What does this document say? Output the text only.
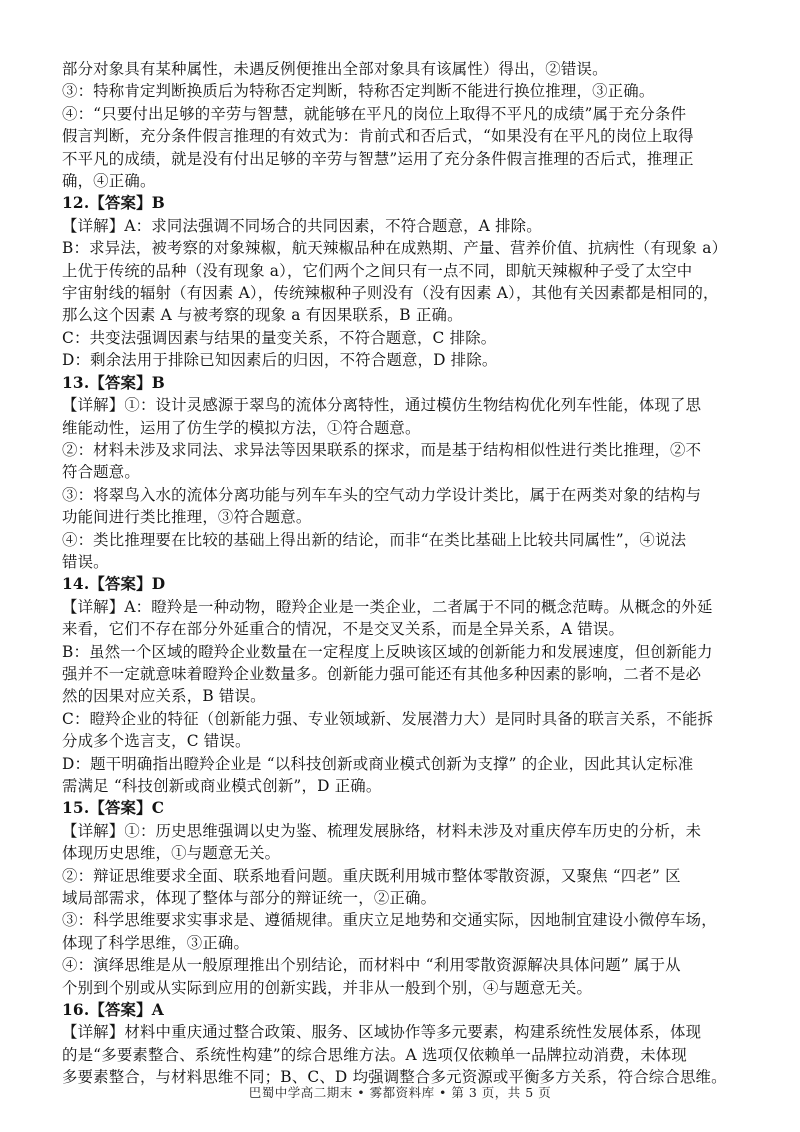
部分对象具有某种属性，未遇反例便推出全部对象具有该属性）得出，②错误。
③：特称肯定判断换质后为特称否定判断，特称否定判断不能进行换位推理，③正确。
④：“只要付出足够的辛劳与智慧，就能够在平凡的岗位上取得不平凡的成绩”属于充分条件
假言判断，充分条件假言推理的有效式为：肯前式和否后式，“如果没有在平凡的岗位上取得
不平凡的成绩，就是没有付出足够的辛劳与智慧”运用了充分条件假言推理的否后式，推理正
确，④正确。
12.【答案】B
【详解】A：求同法强调不同场合的共同因素，不符合题意，A 排除。
B：求异法，被考察的对象辣椒，航天辣椒品种在成熟期、产量、营养价值、抗病性（有现象 a）
上优于传统的品种（没有现象 a），它们两个之间只有一点不同，即航天辣椒种子受了太空中
宇宙射线的辐射（有因素 A），传统辣椒种子则没有（没有因素 A），其他有关因素都是相同的，
那么这个因素 A 与被考察的现象 a 有因果联系，B 正确。
C：共变法强调因素与结果的量变关系，不符合题意，C 排除。
D：剩余法用于排除已知因素后的归因，不符合题意，D 排除。
13.【答案】B
【详解】①：设计灵感源于翠鸟的流体分离特性，通过模仿生物结构优化列车性能，体现了思
维能动性，运用了仿生学的模拟方法，①符合题意。
②：材料未涉及求同法、求异法等因果联系的探求，而是基于结构相似性进行类比推理，②不
符合题意。
③：将翠鸟入水的流体分离功能与列车车头的空气动力学设计类比，属于在两类对象的结构与
功能间进行类比推理，③符合题意。
④：类比推理要在比较的基础上得出新的结论，而非“在类比基础上比较共同属性”，④说法
错误。
14.【答案】D
【详解】A：瞪羚是一种动物，瞪羚企业是一类企业，二者属于不同的概念范畴。从概念的外延
来看，它们不存在部分外延重合的情况，不是交叉关系，而是全异关系，A 错误。
B：虽然一个区域的瞪羚企业数量在一定程度上反映该区域的创新能力和发展速度，但创新能力
强并不一定就意味着瞪羚企业数量多。创新能力强可能还有其他多种因素的影响，二者不是必
然的因果对应关系，B 错误。
C：瞪羚企业的特征（创新能力强、专业领域新、发展潜力大）是同时具备的联言关系，不能拆
分成多个选言支，C 错误。
D：题干明确指出瞪羚企业是 “以科技创新或商业模式创新为支撑” 的企业，因此其认定标准
需满足 “科技创新或商业模式创新”，D 正确。
15.【答案】C
【详解】①：历史思维强调以史为鉴、梳理发展脉络，材料未涉及对重庆停车历史的分析，未
体现历史思维，①与题意无关。
②：辩证思维要求全面、联系地看问题。重庆既利用城市整体零散资源，又聚焦 “四老” 区
域局部需求，体现了整体与部分的辩证统一，②正确。
③：科学思维要求实事求是、遵循规律。重庆立足地势和交通实际，因地制宜建设小微停车场，
体现了科学思维，③正确。
④：演绎思维是从一般原理推出个别结论，而材料中 “利用零散资源解决具体问题” 属于从
个别到个别或从实际到应用的创新实践，并非从一般到个别，④与题意无关。
16.【答案】A
【详解】材料中重庆通过整合政策、服务、区域协作等多元要素，构建系统性发展体系，体现
的是“多要素整合、系统性构建”的综合思维方法。A 选项仅依赖单一品牌拉动消费，未体现
多要素整合，与材料思维不同；B、C、D 均强调整合多元资源或平衡多方关系，符合综合思维。
巴蜀中学高二期末 • 雾都资料库 • 第 3 页，共 5 页
